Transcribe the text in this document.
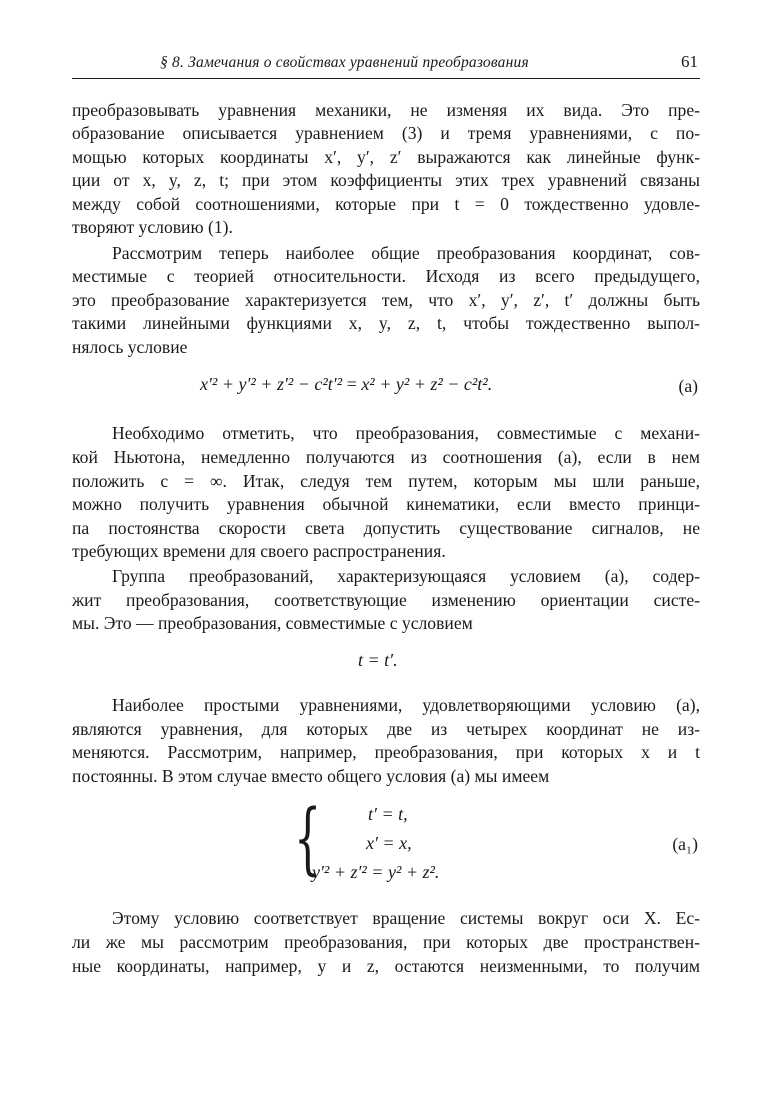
§ 8. Замечания о свойствах уравнений преобразования	61
преобразовывать уравнения механики, не изменяя их вида. Это пре-
образование описывается уравнением (3) и тремя уравнениями, с по-
мощью которых координаты x′, y′, z′ выражаются как линейные функ-
ции от x, y, z, t; при этом коэффициенты этих трех уравнений связаны
между собой соотношениями, которые при t = 0 тождественно удовле-
творяют условию (1).
Рассмотрим теперь наиболее общие преобразования координат, сов-
местимые с теорией относительности. Исходя из всего предыдущего,
это преобразование характеризуется тем, что x′, y′, z′, t′ должны быть
такими линейными функциями x, y, z, t, чтобы тождественно выпол-
нялось условие
x′² + y′² + z′² − c²t′² = x² + y² + z² − c²t².	(a)
Необходимо отметить, что преобразования, совместимые с механи-
кой Ньютона, немедленно получаются из соотношения (a), если в нем
положить c = ∞. Итак, следуя тем путем, которым мы шли раньше,
можно получить уравнения обычной кинематики, если вместо принци-
па постоянства скорости света допустить существование сигналов, не
требующих времени для своего распространения.
Группа преобразований, характеризующаяся условием (a), содер-
жит преобразования, соответствующие изменению ориентации систе-
мы. Это — преобразования, совместимые с условием
t = t′.
Наиболее простыми уравнениями, удовлетворяющими условию (a),
являются уравнения, для которых две из четырех координат не из-
меняются. Рассмотрим, например, преобразования, при которых x и t
постоянны. В этом случае вместо общего условия (a) мы имеем
{	t′ = t,
x′ = x,
y′² + z′² = y² + z².
(a₁)
Этому условию соответствует вращение системы вокруг оси X. Ес-
ли же мы рассмотрим преобразования, при которых две пространствен-
ные координаты, например, y и z, остаются неизменными, то получим
